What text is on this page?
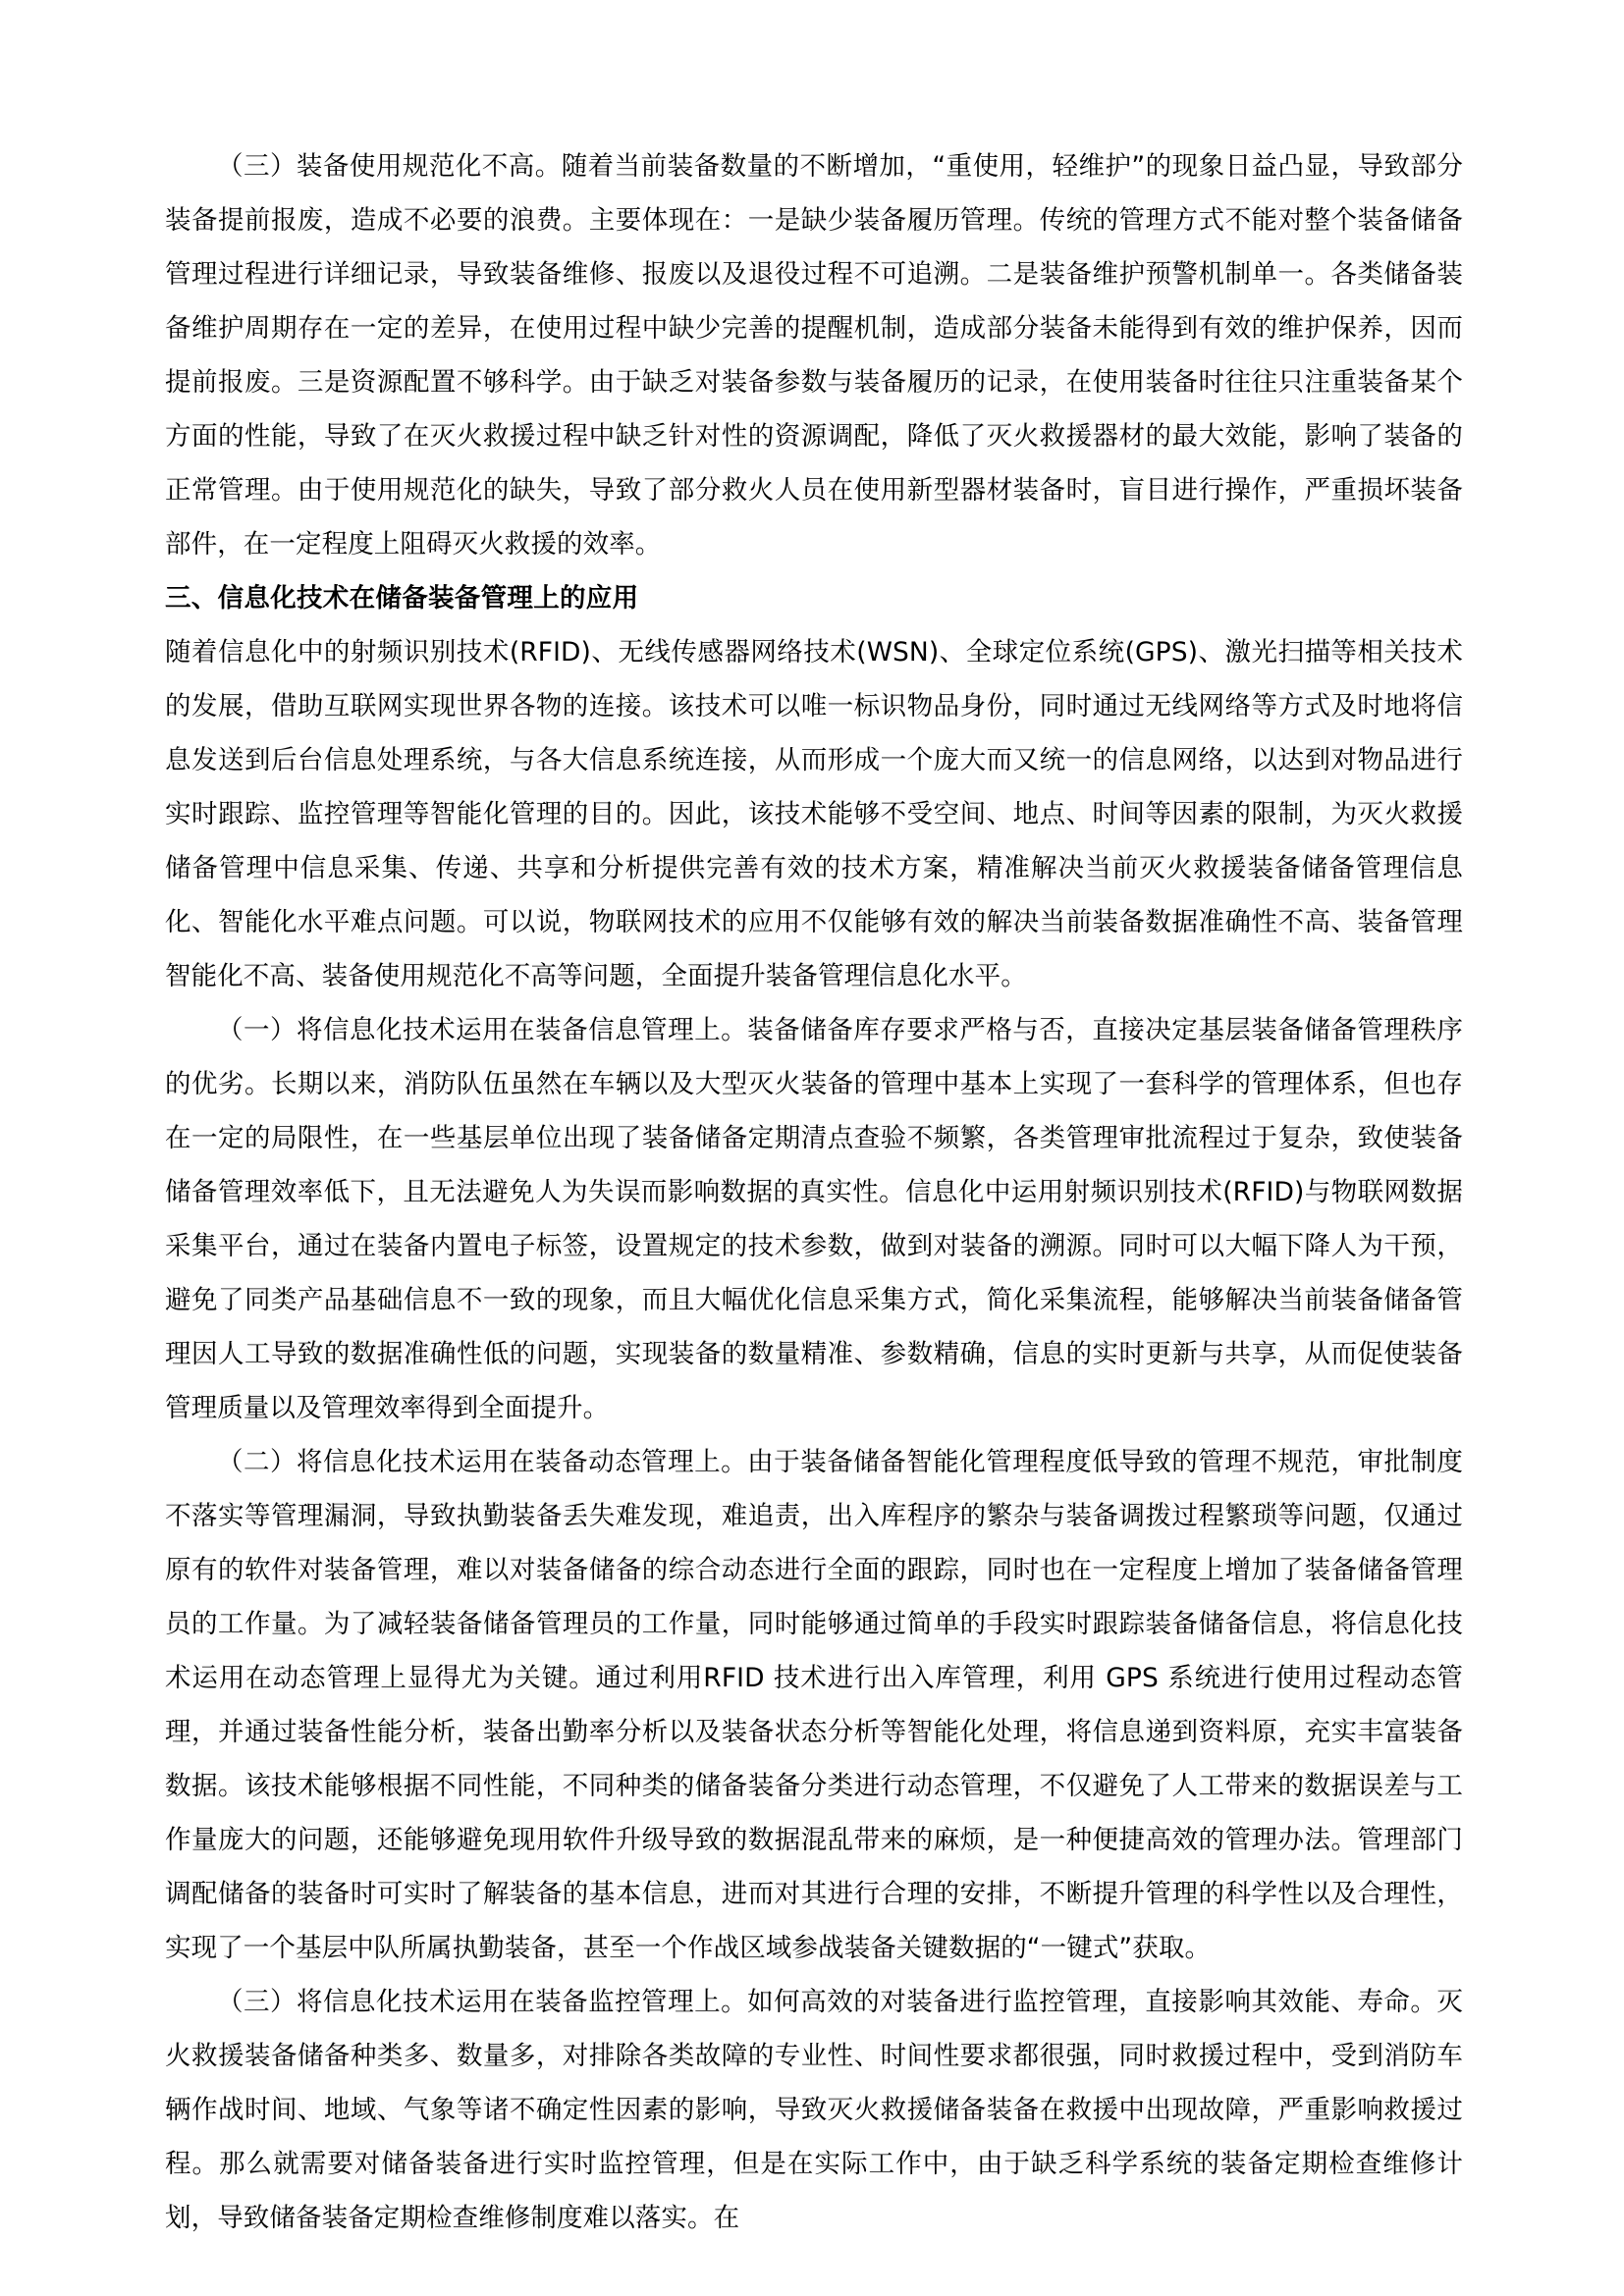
（三）装备使用规范化不高。随着当前装备数量的不断增加，“重使用，轻维护”的现象日益凸显，导致部分装备提前报废，造成不必要的浪费。主要体现在：一是缺少装备履历管理。传统的管理方式不能对整个装备储备管理过程进行详细记录，导致装备维修、报废以及退役过程不可追溯。二是装备维护预警机制单一。各类储备装备维护周期存在一定的差异，在使用过程中缺少完善的提醒机制，造成部分装备未能得到有效的维护保养，因而提前报废。三是资源配置不够科学。由于缺乏对装备参数与装备履历的记录，在使用装备时往往只注重装备某个方面的性能，导致了在灭火救援过程中缺乏针对性的资源调配，降低了灭火救援器材的最大效能，影响了装备的正常管理。由于使用规范化的缺失，导致了部分救火人员在使用新型器材装备时，盲目进行操作，严重损坏装备部件，在一定程度上阻碍灭火救援的效率。

三、信息化技术在储备装备管理上的应用

随着信息化中的射频识别技术(RFID)、无线传感器网络技术(WSN)、全球定位系统(GPS)、激光扫描等相关技术的发展，借助互联网实现世界各物的连接。该技术可以唯一标识物品身份，同时通过无线网络等方式及时地将信息发送到后台信息处理系统，与各大信息系统连接，从而形成一个庞大而又统一的信息网络，以达到对物品进行实时跟踪、监控管理等智能化管理的目的。因此，该技术能够不受空间、地点、时间等因素的限制，为灭火救援储备管理中信息采集、传递、共享和分析提供完善有效的技术方案，精准解决当前灭火救援装备储备管理信息化、智能化水平难点问题。可以说，物联网技术的应用不仅能够有效的解决当前装备数据准确性不高、装备管理智能化不高、装备使用规范化不高等问题，全面提升装备管理信息化水平。

（一）将信息化技术运用在装备信息管理上。装备储备库存要求严格与否，直接决定基层装备储备管理秩序的优劣。长期以来，消防队伍虽然在车辆以及大型灭火装备的管理中基本上实现了一套科学的管理体系，但也存在一定的局限性，在一些基层单位出现了装备储备定期清点查验不频繁，各类管理审批流程过于复杂，致使装备储备管理效率低下，且无法避免人为失误而影响数据的真实性。信息化中运用射频识别技术(RFID)与物联网数据采集平台，通过在装备内置电子标签，设置规定的技术参数，做到对装备的溯源。同时可以大幅下降人为干预，避免了同类产品基础信息不一致的现象，而且大幅优化信息采集方式，简化采集流程，能够解决当前装备储备管理因人工导致的数据准确性低的问题，实现装备的数量精准、参数精确，信息的实时更新与共享，从而促使装备管理质量以及管理效率得到全面提升。

（二）将信息化技术运用在装备动态管理上。由于装备储备智能化管理程度低导致的管理不规范，审批制度不落实等管理漏洞，导致执勤装备丢失难发现，难追责，出入库程序的繁杂与装备调拨过程繁琐等问题，仅通过原有的软件对装备管理，难以对装备储备的综合动态进行全面的跟踪，同时也在一定程度上增加了装备储备管理员的工作量。为了减轻装备储备管理员的工作量，同时能够通过简单的手段实时跟踪装备储备信息，将信息化技术运用在动态管理上显得尤为关键。通过利用RFID 技术进行出入库管理，利用 GPS 系统进行使用过程动态管理，并通过装备性能分析，装备出勤率分析以及装备状态分析等智能化处理，将信息递到资料原，充实丰富装备数据。该技术能够根据不同性能，不同种类的储备装备分类进行动态管理，不仅避免了人工带来的数据误差与工作量庞大的问题，还能够避免现用软件升级导致的数据混乱带来的麻烦，是一种便捷高效的管理办法。管理部门调配储备的装备时可实时了解装备的基本信息，进而对其进行合理的安排，不断提升管理的科学性以及合理性，实现了一个基层中队所属执勤装备，甚至一个作战区域参战装备关键数据的“一键式”获取。

（三）将信息化技术运用在装备监控管理上。如何高效的对装备进行监控管理，直接影响其效能、寿命。灭火救援装备储备种类多、数量多，对排除各类故障的专业性、时间性要求都很强，同时救援过程中，受到消防车辆作战时间、地域、气象等诸不确定性因素的影响，导致灭火救援储备装备在救援中出现故障，严重影响救援过程。那么就需要对储备装备进行实时监控管理，但是在实际工作中，由于缺乏科学系统的装备定期检查维修计划，导致储备装备定期检查维修制度难以落实。在
